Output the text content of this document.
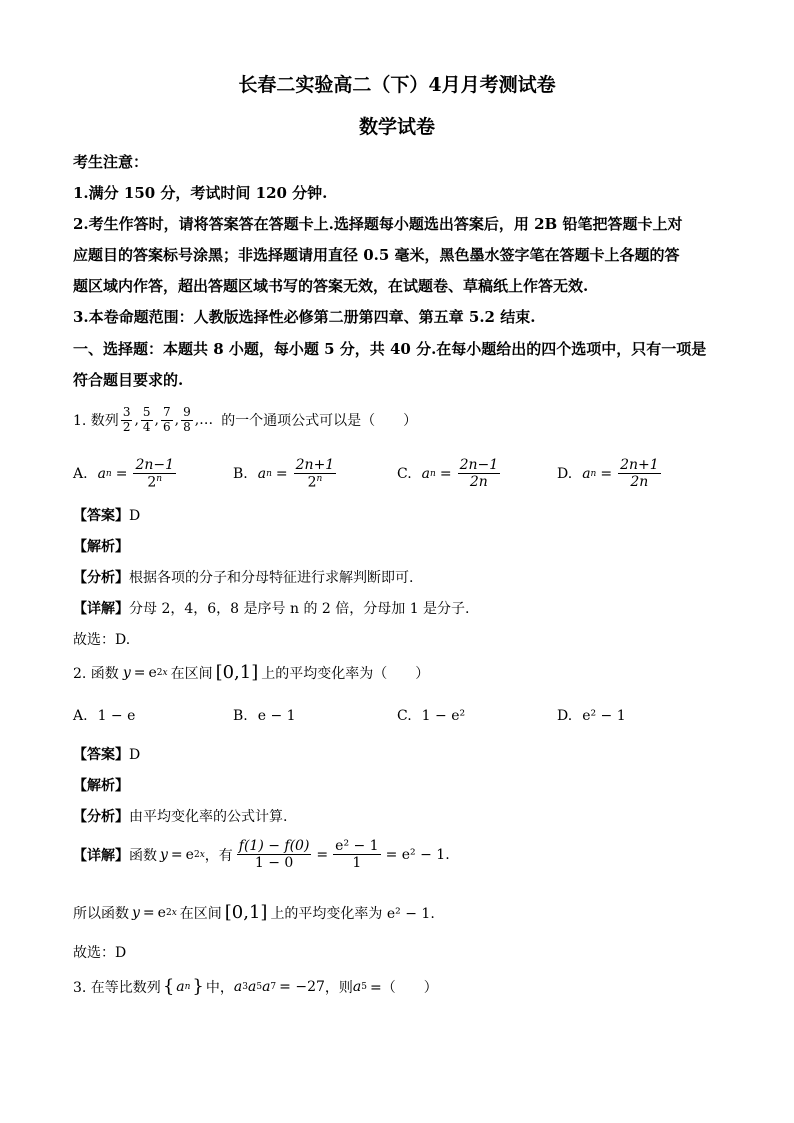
长春二实验高二（下）4月月考测试卷
数学试卷
考生注意：
1.满分 150 分，考试时间 120 分钟.
2.考生作答时，请将答案答在答题卡上.选择题每小题选出答案后，用 2B 铅笔把答题卡上对
应题目的答案标号涂黑；非选择题请用直径 0.5 毫米，黑色墨水签字笔在答题卡上各题的答
题区域内作答，超出答题区域书写的答案无效，在试题卷、草稿纸上作答无效.
3.本卷命题范围：人教版选择性必修第二册第四章、第五章 5.2 结束.
一、选择题：本题共 8 小题，每小题 5 分，共 40 分.在每小题给出的四个选项中，只有一项是
符合题目要求的.
1. 数列 $\frac{3}{2}$ , $\frac{5}{4}$ , $\frac{7}{6}$ , $\frac{9}{8}$ ,… 的一个通项公式可以是（　　）
A. a $n = \frac{2n-1}{2^n}$	B. a $n = \frac{2n+1}{2^n}$	C. a $n = \frac{2n-1}{2n}$	D. a $n = \frac{2n+1}{2n}$
【答案】D
【解析】
【分析】根据各项的分子和分母特征进行求解判断即可.
【详解】分母 2，4，6，8 是序号 n 的 2 倍，分母加 1 是分子.
故选：D.
2. 函数 y = e 2x 在区间 [0,1] 上的平均变化率为（　　）
A. 1 − e	B. e − 1	C. 1 − e²	D. e² − 1
【答案】D
【解析】
【分析】由平均变化率的公式计算.
【详解】 函数 y = e 2x ，有 $\frac{f(1) - f(0)}{1 - 0} = \frac{\text{e² − 1}}{1} = e^2 - 1$.
所以函数 y = e 2x 在区间 [0,1] 上的平均变化率为 e² − 1.
故选：D
3. 在等比数列 { a n } 中， a 3 a 5 a 7 = −27 ，则 a 5 =（　　）
